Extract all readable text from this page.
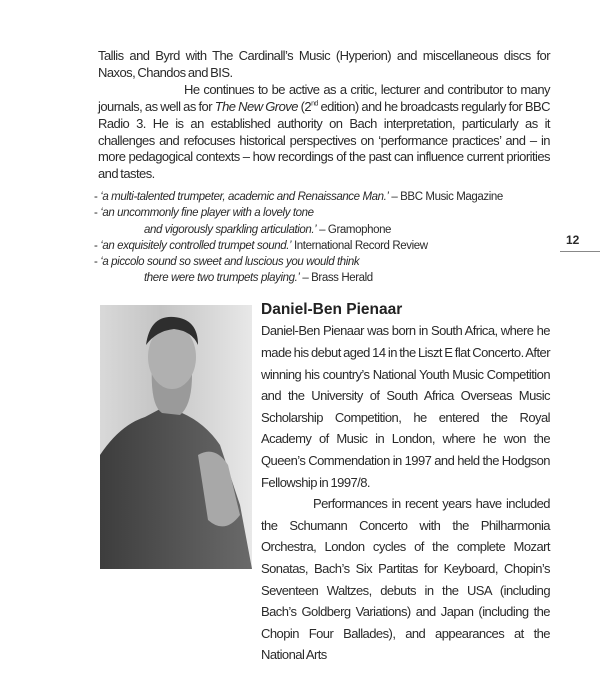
Tallis and Byrd with The Cardinall’s Music (Hyperion) and miscellaneous discs for Naxos, Chandos and BIS.

He continues to be active as a critic, lecturer and contributor to many journals, as well as for The New Grove (2nd edition) and he broadcasts regularly for BBC Radio 3. He is an established authority on Bach interpretation, particularly as it challenges and refocuses historical perspectives on ‘performance practices’ and – in more pedagogical contexts – how recordings of the past can influence current priorities and tastes.

- ‘a multi-talented trumpeter, academic and Renaissance Man.’ – BBC Music Magazine
- ‘an uncommonly fine player with a lovely tone
and vigorously sparkling articulation.’ – Gramophone
- ‘an exquisitely controlled trumpet sound.’ International Record Review
- ‘a piccolo sound so sweet and luscious you would think
there were two trumpets playing.’ – Brass Herald
Daniel-Ben Pienaar

Daniel-Ben Pienaar was born in South Africa, where he made his debut aged 14 in the Liszt E flat Concerto. After winning his country’s National Youth Music Competition and the University of South Africa Overseas Music Scholarship Competition, he entered the Royal Academy of Music in London, where he won the Queen’s Commendation in 1997 and held the Hodgson Fellowship in 1997/8.

Performances in recent years have included the Schumann Concerto with the Philharmonia Orchestra, London cycles of the complete Mozart Sonatas, Bach’s Six Partitas for Keyboard, Chopin’s Seventeen Waltzes, debuts in the USA (including Bach’s Goldberg Variations) and Japan (including the Chopin Four Ballades), and appearances at the National Arts

12
